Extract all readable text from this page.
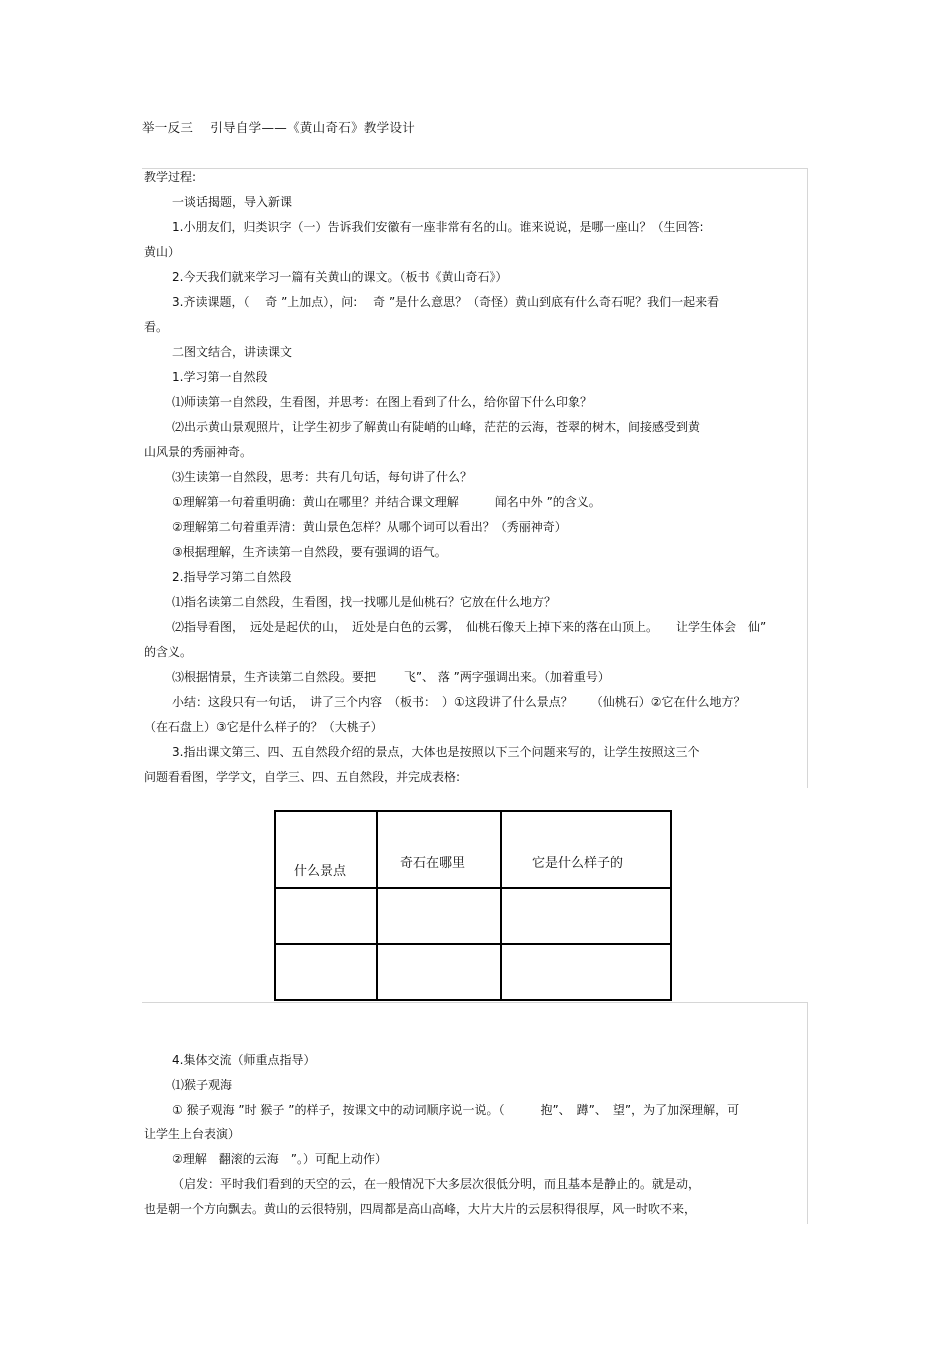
举一反三　 引导自学——《黄山奇石》教学设计
教学过程:
一谈话揭题，导入新课
1.小朋友们，归类识字（一）告诉我们安徽有一座非常有名的山。谁来说说，是哪一座山？（生回答:
黄山）
2.今天我们就来学习一篇有关黄山的课文。（板书《黄山奇石》）
3.齐读课题，（　 奇 ”上加点），问:　 奇 ”是什么意思？（奇怪）黄山到底有什么奇石呢？我们一起来看
看。
二图文结合，讲读课文
1.学习第一自然段
⑴师读第一自然段，生看图，并思考：在图上看到了什么，给你留下什么印象？
⑵出示黄山景观照片，让学生初步了解黄山有陡峭的山峰，茫茫的云海，苍翠的树木，间接感受到黄
山风景的秀丽神奇。
⑶生读第一自然段，思考：共有几句话，每句讲了什么？
①理解第一句着重明确：黄山在哪里？并结合课文理解　　　闻名中外 ”的含义。
②理解第二句着重弄清：黄山景色怎样？从哪个词可以看出？（秀丽神奇）
③根据理解，生齐读第一自然段，要有强调的语气。
2.指导学习第二自然段
⑴指名读第二自然段，生看图，找一找哪儿是仙桃石？它放在什么地方？
⑵指导看图，　远处是起伏的山，　近处是白色的云雾，　仙桃石像天上掉下来的落在山顶上。　　让学生体会　仙”
的含义。
⑶根据情景，生齐读第二自然段。要把　　 飞”、 落 ”两字强调出来。（加着重号）
小结：这段只有一句话，　讲了三个内容　（板书：　）①这段讲了什么景点？　　（仙桃石）②它在什么地方？
（在石盘上）③它是什么样子的？（大桃子）
3.指出课文第三、四、五自然段介绍的景点，大体也是按照以下三个问题来写的，让学生按照这三个
问题看看图，学学文，自学三、四、五自然段，并完成表格:
什么景点	奇石在哪里	它是什么样子的

4.集体交流（师重点指导）
⑴猴子观海
① 猴子观海 ”时 猴子 ”的样子，按课文中的动词顺序说一说。（　　　抱”、　蹲”、　望”，为了加深理解，可
让学生上台表演）
②理解　翻滚的云海　”。）可配上动作）
（启发：平时我们看到的天空的云，在一般情况下大多层次很低分明，而且基本是静止的。就是动，
也是朝一个方向飘去。黄山的云很特别，四周都是高山高峰，大片大片的云层积得很厚，风一时吹不来，
